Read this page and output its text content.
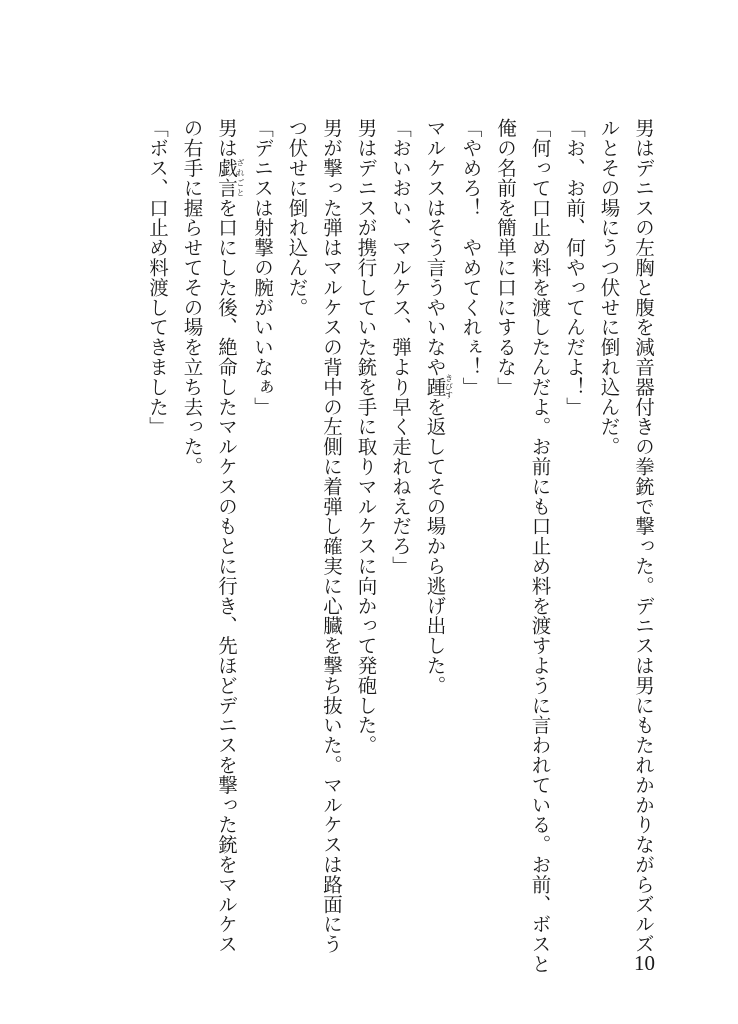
男はデニスの左胸と腹を減音器付きの拳銃で撃った。デニスは男にもたれかかりながらズルズ
ルとその場にうつ伏せに倒れ込んだ。
「お、お前、何やってんだよ！」
「何って口止め料を渡したんだよ。お前にも口止め料を渡すように言われている。お前、ボスと
俺の名前を簡単に口にするな」
「やめろ！　やめてくれぇ！」
マルケスはそう言うやいなや踵きびすを返してその場から逃げ出した。
「おいおい、マルケス、弾より早く走れねえだろ」
男はデニスが携行していた銃を手に取りマルケスに向かって発砲した。
男が撃った弾はマルケスの背中の左側に着弾し確実に心臓を撃ち抜いた。マルケスは路面にう
つ伏せに倒れ込んだ。
「デニスは射撃の腕がいいなぁ」
男は戯言ざれごとを口にした後、絶命したマルケスのもとに行き、先ほどデニスを撃った銃をマルケス
の右手に握らせてその場を立ち去った。
「ボス、口止め料渡してきました」
10
